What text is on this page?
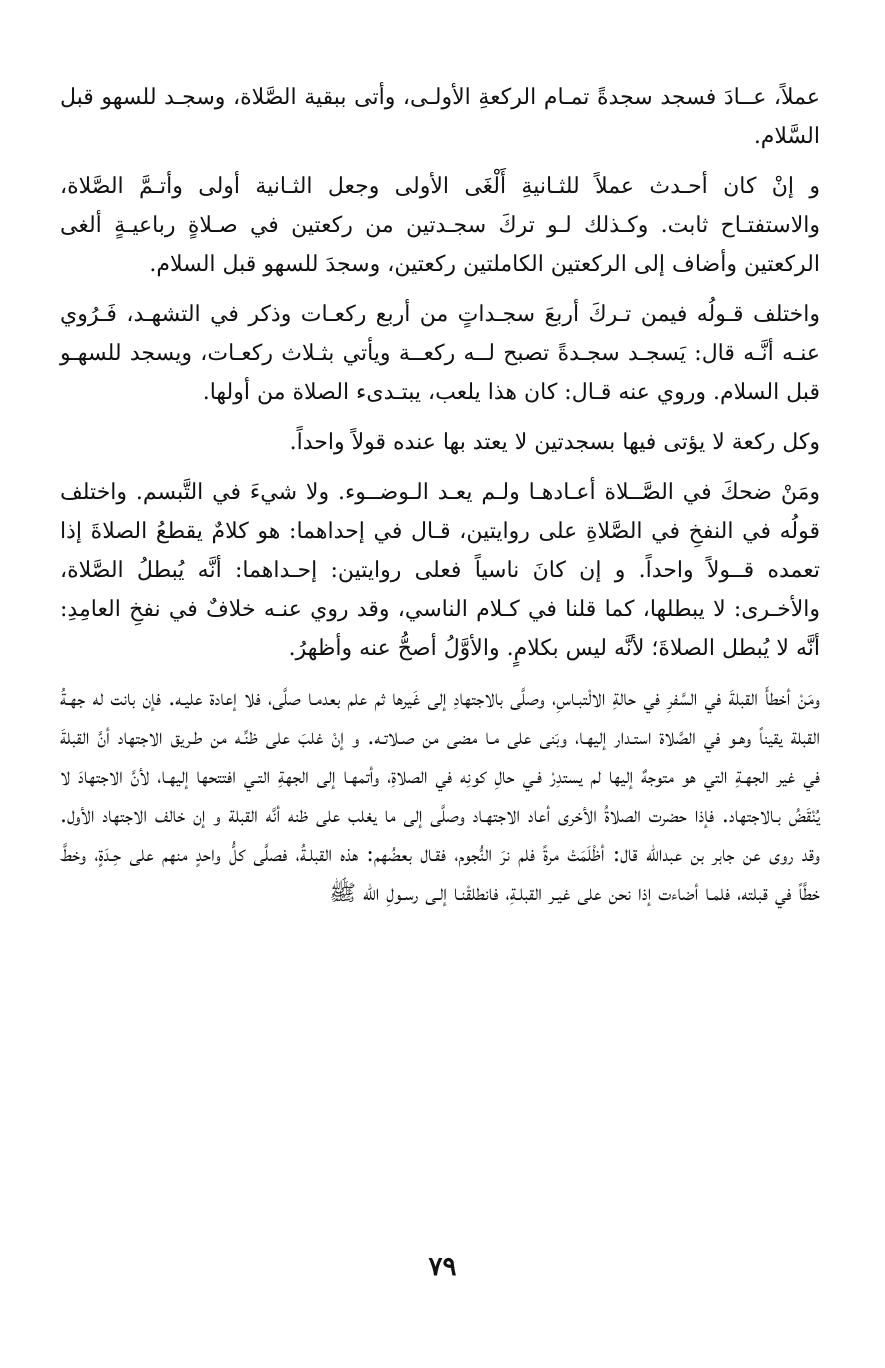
عملاً، عــادَ فسجد سجدةً تمـام الركعةِ الأولـى، وأتى ببقية الصَّلاة، وسجـد للسهو قبل السَّلام.

و إنْ كان أحـدث عملاً للثـانيةِ أَلْغَى الأولى وجعل الثـانية أولى وأتـمَّ الصَّلاة، والاستفتـاح ثابت. وكـذلك لـو تركَ سجـدتين من ركعتين في صـلاةٍ رباعيـةٍ ألغى الركعتين وأضاف إلى الركعتين الكاملتين ركعتين، وسجدَ للسهو قبل السلام.

واختلف قـولُه فيمن تـركَ أربعَ سجـداتٍ من أربع ركعـات وذكر في التشهـد، فَـرُوي عنـه أنَّـه قال: يَسجـد سجـدةً تصبح لــه ركعــة ويأتي بثـلاث ركعـات، ويسجد للسهـو قبل السلام. وروي عنه قـال: كان هذا يلعب، يبتـدىء الصلاة من أولها.

وكل ركعة لا يؤتى فيها بسجدتين لا يعتد بها عنده قولاً واحداً.

ومَنْ ضحكَ في الصَّــلاة أعـادهـا ولـم يعـد الـوضــوء. ولا شيءَ في التَّبسم. واختلف قولُه في النفخِ في الصَّلاةِ على روايتين، قـال في إحداهما: هو كلامٌ يقطعُ الصلاةَ إذا تعمده قــولاً واحداً. و إن كانَ ناسياً فعلى روايتين: إحـداهما: أنَّه يُبطلُ الصَّلاة، والأخـرى: لا يبطلها، كما قلنا في كـلام الناسي، وقد روي عنـه خلافٌ في نفخِ العامِدِ: أنَّه لا يُبطل الصلاةَ؛ لأنَّه ليس بكلامٍ. والأوَّلُ أصحُّ عنه وأظهرُ.

ومَنْ أخطأَ القبلةَ في السَّفرِ في حالةِ الالْتبـاسِ، وصلَّى بالاجتهادِ إلى غَيرها ثم علم بعدمـا صلَّى، فلا إعادة عليـه. فإن بانت له جهـةُ القبلة يقيناً وهـو في الصَّلاة استـدار إليهـا، وبَنى على مـا مضى من صـلاتـه. و إنْ غلبَ على ظنِّـه من طـريق الاجتهاد أنَّ القبلةَ في غير الجهـةِ التي هو متوجهٌ إليها لم يستدِرْ فـي حالِ كونِه في الصلاةِ، وأتمهـا إلى الجهةِ التـي افتتحها إليهـا، لأنَّ الاجتهادَ لا يُنْقَضُ بـالاجتهاد. فإذا حضرت الصلاةُ الأخرى أعاد الاجتهـاد وصلَّى إلى ما يغلب على ظنه أنَّه القبلة و إن خالف الاجتهاد الأول. وقد روى عن جابر بن عبدالله قال: أظْلَمَتْ مرةً فلم نرَ النُّجوم، فقـال بعضُهم: هذه القبلـةُ، فصلَّى كلُّ واحدٍ منهم على حِـدَةٍ، وخطَّ خطَّاً في قبلته، فلمـا أضاءت إذا نحن على غيـر القبلـةِ، فانطلقْنـا إلـى رسـولِ الله ﷺ

٧٩
